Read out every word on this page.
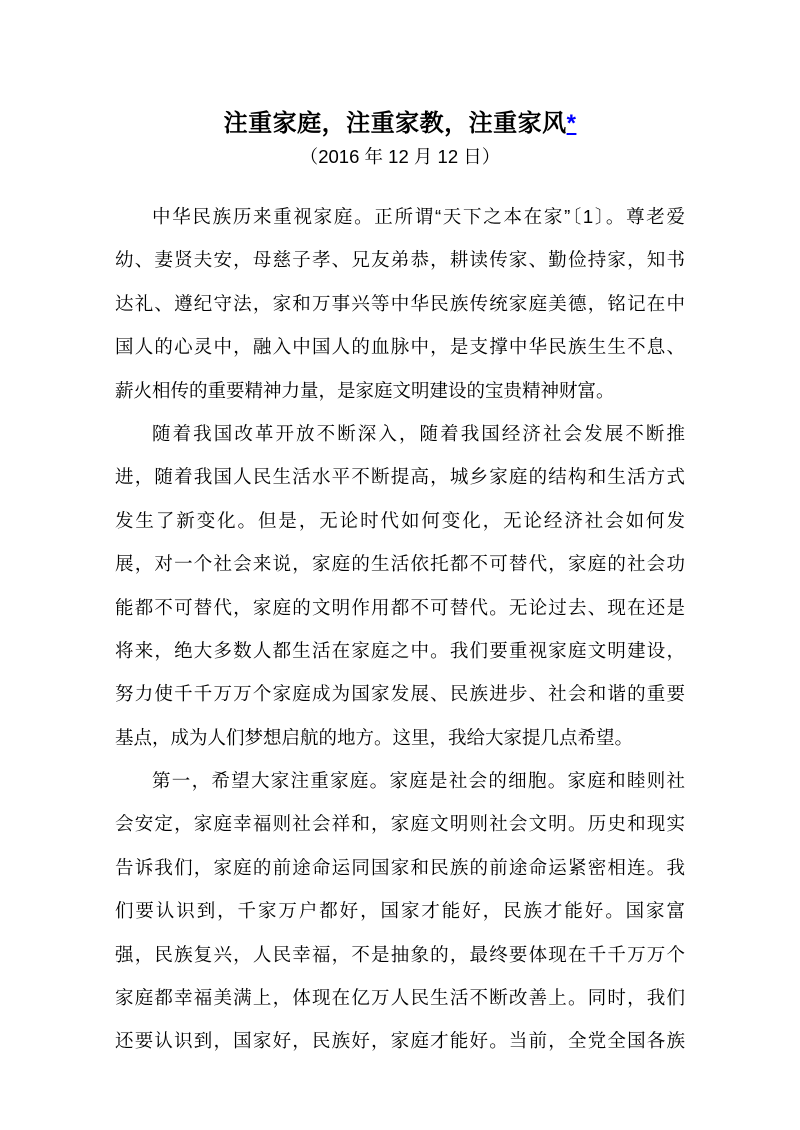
注重家庭，注重家教，注重家风*
（2016 年 12 月 12 日）
中华民族历来重视家庭。正所谓“天下之本在家”〔1〕。尊老爱
幼、妻贤夫安，母慈子孝、兄友弟恭，耕读传家、勤俭持家，知书
达礼、遵纪守法，家和万事兴等中华民族传统家庭美德，铭记在中
国人的心灵中，融入中国人的血脉中，是支撑中华民族生生不息、
薪火相传的重要精神力量，是家庭文明建设的宝贵精神财富。
随着我国改革开放不断深入，随着我国经济社会发展不断推
进，随着我国人民生活水平不断提高，城乡家庭的结构和生活方式
发生了新变化。但是，无论时代如何变化，无论经济社会如何发
展，对一个社会来说，家庭的生活依托都不可替代，家庭的社会功
能都不可替代，家庭的文明作用都不可替代。无论过去、现在还是
将来，绝大多数人都生活在家庭之中。我们要重视家庭文明建设，
努力使千千万万个家庭成为国家发展、民族进步、社会和谐的重要
基点，成为人们梦想启航的地方。这里，我给大家提几点希望。
第一，希望大家注重家庭。家庭是社会的细胞。家庭和睦则社
会安定，家庭幸福则社会祥和，家庭文明则社会文明。历史和现实
告诉我们，家庭的前途命运同国家和民族的前途命运紧密相连。我
们要认识到，千家万户都好，国家才能好，民族才能好。国家富
强，民族复兴，人民幸福，不是抽象的，最终要体现在千千万万个
家庭都幸福美满上，体现在亿万人民生活不断改善上。同时，我们
还要认识到，国家好，民族好，家庭才能好。当前，全党全国各族
